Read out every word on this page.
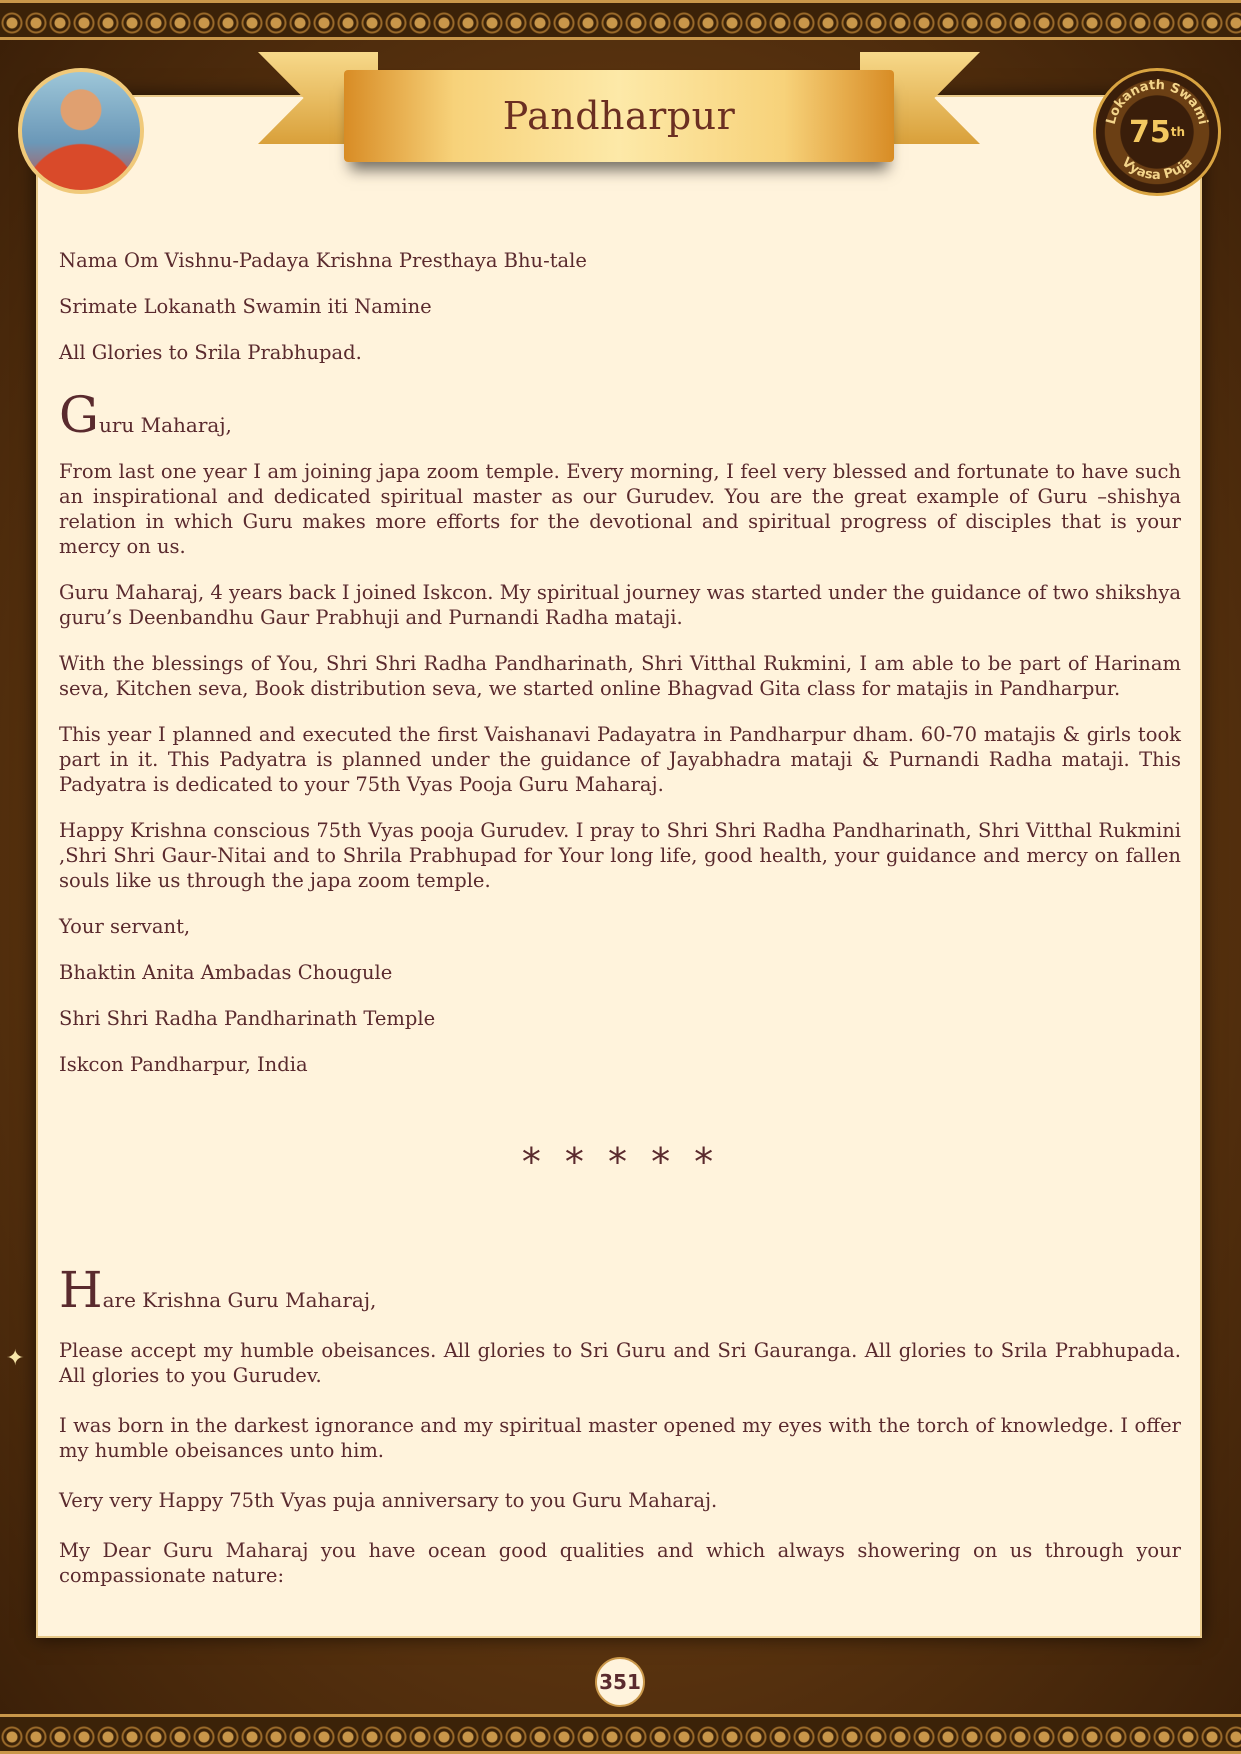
Pandharpur	Lokanath Swami
Vyasa Puja
75 th

Nama Om Vishnu-Padaya Krishna Presthaya Bhu-tale

Srimate Lokanath Swamin iti Namine

All Glories to Srila Prabhupad.

Guru Maharaj,

From last one year I am joining japa zoom temple. Every morning, I feel very blessed and fortunate to have such an inspirational and dedicated spiritual master as our Gurudev. You are the great example of Guru –shishya relation in which Guru makes more efforts for the devotional and spiritual progress of disciples that is your mercy on us.

Guru Maharaj, 4 years back I joined Iskcon. My spiritual journey was started under the guidance of two shikshya guru’s Deenbandhu Gaur Prabhuji and Purnandi Radha mataji.

With the blessings of You, Shri Shri Radha Pandharinath, Shri Vitthal Rukmini, I am able to be part of Harinam seva, Kitchen seva, Book distribution seva, we started online Bhagvad Gita class for matajis in Pandharpur.

This year I planned and executed the first Vaishanavi Padayatra in Pandharpur dham. 60-70 matajis & girls took part in it. This Padyatra is planned under the guidance of Jayabhadra mataji & Purnandi Radha mataji. This Padyatra is dedicated to your 75th Vyas Pooja Guru Maharaj.

Happy Krishna conscious 75th Vyas pooja Gurudev. I pray to Shri Shri Radha Pandharinath, Shri Vitthal Rukmini ,Shri Shri Gaur-Nitai and to Shrila Prabhupad for Your long life, good health, your guidance and mercy on fallen souls like us through the japa zoom temple.

Your servant,

Bhaktin Anita Ambadas Chougule

Shri Shri Radha Pandharinath Temple

Iskcon Pandharpur, India

* * * * *

Hare Krishna Guru Maharaj,

Please accept my humble obeisances. All glories to Sri Guru and Sri Gauranga. All glories to Srila Prabhupada. All glories to you Gurudev.

I was born in the darkest ignorance and my spiritual master opened my eyes with the torch of knowledge. I offer my humble obeisances unto him.

Very very Happy 75th Vyas puja anniversary to you Guru Maharaj.

My Dear Guru Maharaj you have ocean good qualities and which always showering on us through your compassionate nature:

✦
351
